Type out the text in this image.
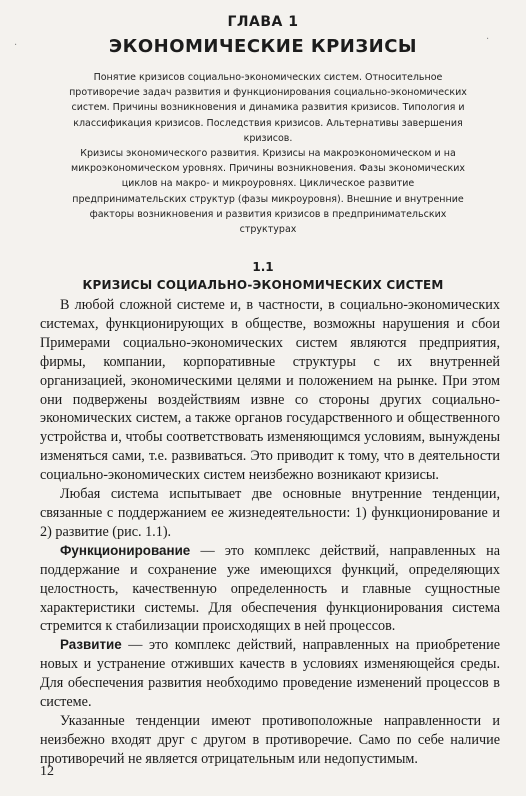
·
·
ГЛАВА 1
ЭКОНОМИЧЕСКИЕ КРИЗИСЫ

Понятие кризисов социально-экономических систем. Относительное противоречие задач развития и функционирования социально-экономических систем. Причины возникновения и динамика развития кризисов. Типология и классификация кризисов. Последствия кризисов. Альтернативы завершения кризисов.

Кризисы экономического развития. Кризисы на макроэкономическом и на микроэкономическом уровнях. Причины возникновения. Фазы экономических циклов на макро- и микроуровнях. Циклическое развитие предпринимательских структур (фазы микроуровня). Внешние и внутренние факторы возникновения и развития кризисов в предпринимательских структурах

1.1
КРИЗИСЫ СОЦИАЛЬНО-ЭКОНОМИЧЕСКИХ СИСТЕМ

В любой сложной системе и, в частности, в социально-экономических системах, функционирующих в обществе, возможны нарушения и сбои Примерами социально-экономических систем являются предприятия, фирмы, компании, корпоративные структуры с их внутренней организацией, экономическими целями и положением на рынке. При этом они подвержены воздействиям извне со стороны других социально-экономических систем, а также органов государственного и общественного устройства и, чтобы соответствовать изменяющимся условиям, вынуждены изменяться сами, т.е. развиваться. Это приводит к тому, что в деятельности социально-экономических систем неизбежно возникают кризисы.

Любая система испытывает две основные внутренние тенденции, связанные с поддержанием ее жизнедеятельности: 1) функционирование и 2) развитие (рис. 1.1).

Функционирование — это комплекс действий, направленных на поддержание и сохранение уже имеющихся функций, определяющих целостность, качественную определенность и главные сущностные характеристики системы. Для обеспечения функционирования система стремится к стабилизации происходящих в ней процессов.

Развитие — это комплекс действий, направленных на приобретение новых и устранение отживших качеств в условиях изменяющейся среды. Для обеспечения развития необходимо проведение изменений процессов в системе.

Указанные тенденции имеют противоположные направленности и неизбежно входят друг с другом в противоречие. Само по себе наличие противоречий не является отрицательным или недопустимым.

12
